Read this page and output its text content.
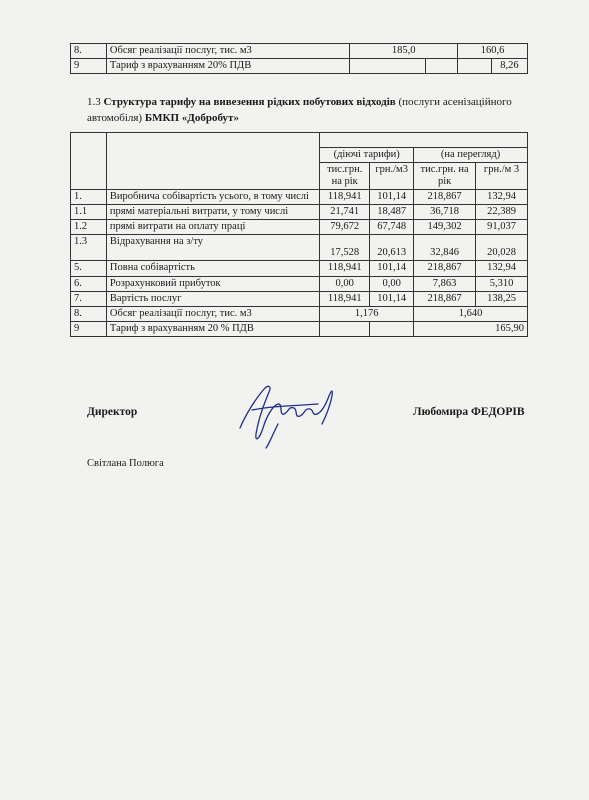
8.	Обсяг реалізації послуг, тис. м3	185,0		160,6	
9	Тариф з врахуванням 20% ПДВ				8,26
1.3 Структура тарифу на вивезення рідких побутових відходів (послуги асенізаційного автомобіля) БМКП «Добробут»

		(діючі тарифи)		(на перегляд)	
		тис.грн. на рік	грн./м3	тис.грн. на рік	грн./м 3
1.	Виробнича собівартість усього, в тому числі	118,941	101,14	218,867	132,94
1.1	прямі матеріальні витрати, у тому числі	21,741	18,487	36,718	22,389
1.2	прямі витрати на оплату праці	79,672	67,748	149,302	91,037
1.3	Відрахування на з/ту	17,528	20,613	32,846	20,028
5.	Повна собівартість	118,941	101,14	218,867	132,94
6.	Розрахунковий прибуток	0,00	0,00	7,863	5,310
7.	Вартість послуг	118,941	101,14	218,867	138,25
8.	Обсяг реалізації послуг, тис. м3	1,176		1,640	
9	Тариф з врахуванням 20 % ПДВ			165,90	
Директор	Любомира ФЕДОРІВ
Світлана Полюга
